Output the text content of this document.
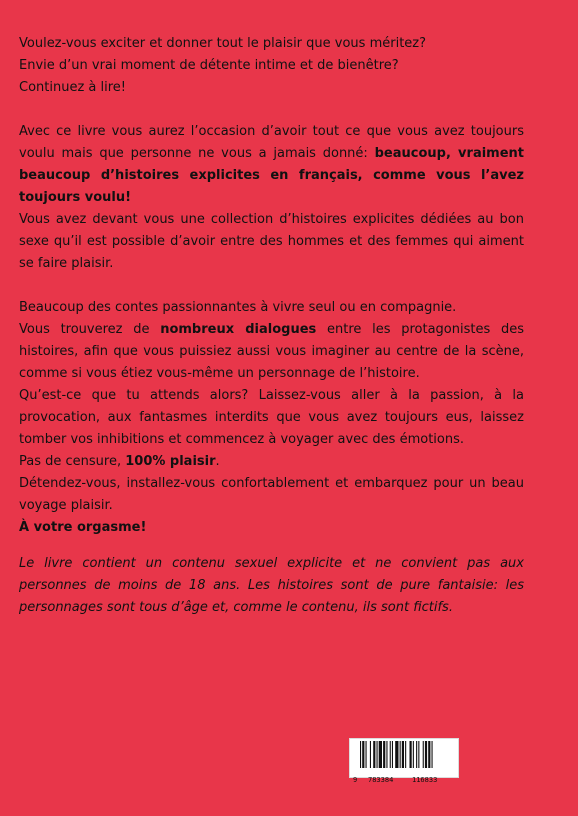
Voulez-vous exciter et donner tout le plaisir que vous méritez?

Envie d’un vrai moment de détente intime et de bienêtre?

Continuez à lire!

Avec ce livre vous aurez l’occasion d’avoir tout ce que vous avez toujours voulu mais que personne ne vous a jamais donné: beaucoup, vraiment beaucoup d’histoires explicites en français, comme vous l’avez toujours voulu!

Vous avez devant vous une collection d’histoires explicites dédiées au bon sexe qu’il est possible d’avoir entre des hommes et des femmes qui aiment se faire plaisir.

Beaucoup des contes passionnantes à vivre seul ou en compagnie.

Vous trouverez de nombreux dialogues entre les protagonistes des histoires, afin que vous puissiez aussi vous imaginer au centre de la scène, comme si vous étiez vous-même un personnage de l’histoire.

Qu’est-ce que tu attends alors? Laissez-vous aller à la passion, à la provocation, aux fantasmes interdits que vous avez toujours eus, laissez tomber vos inhibitions et commencez à voyager avec des émotions.

Pas de censure, 100% plaisir.

Détendez-vous, installez-vous confortablement et embarquez pour un beau voyage plaisir.

À votre orgasme!

Le livre contient un contenu sexuel explicite et ne convient pas aux personnes de moins de 18 ans. Les histoires sont de pure fantaisie: les personnages sont tous d’âge et, comme le contenu, ils sont fictifs.

9 783384	116833
